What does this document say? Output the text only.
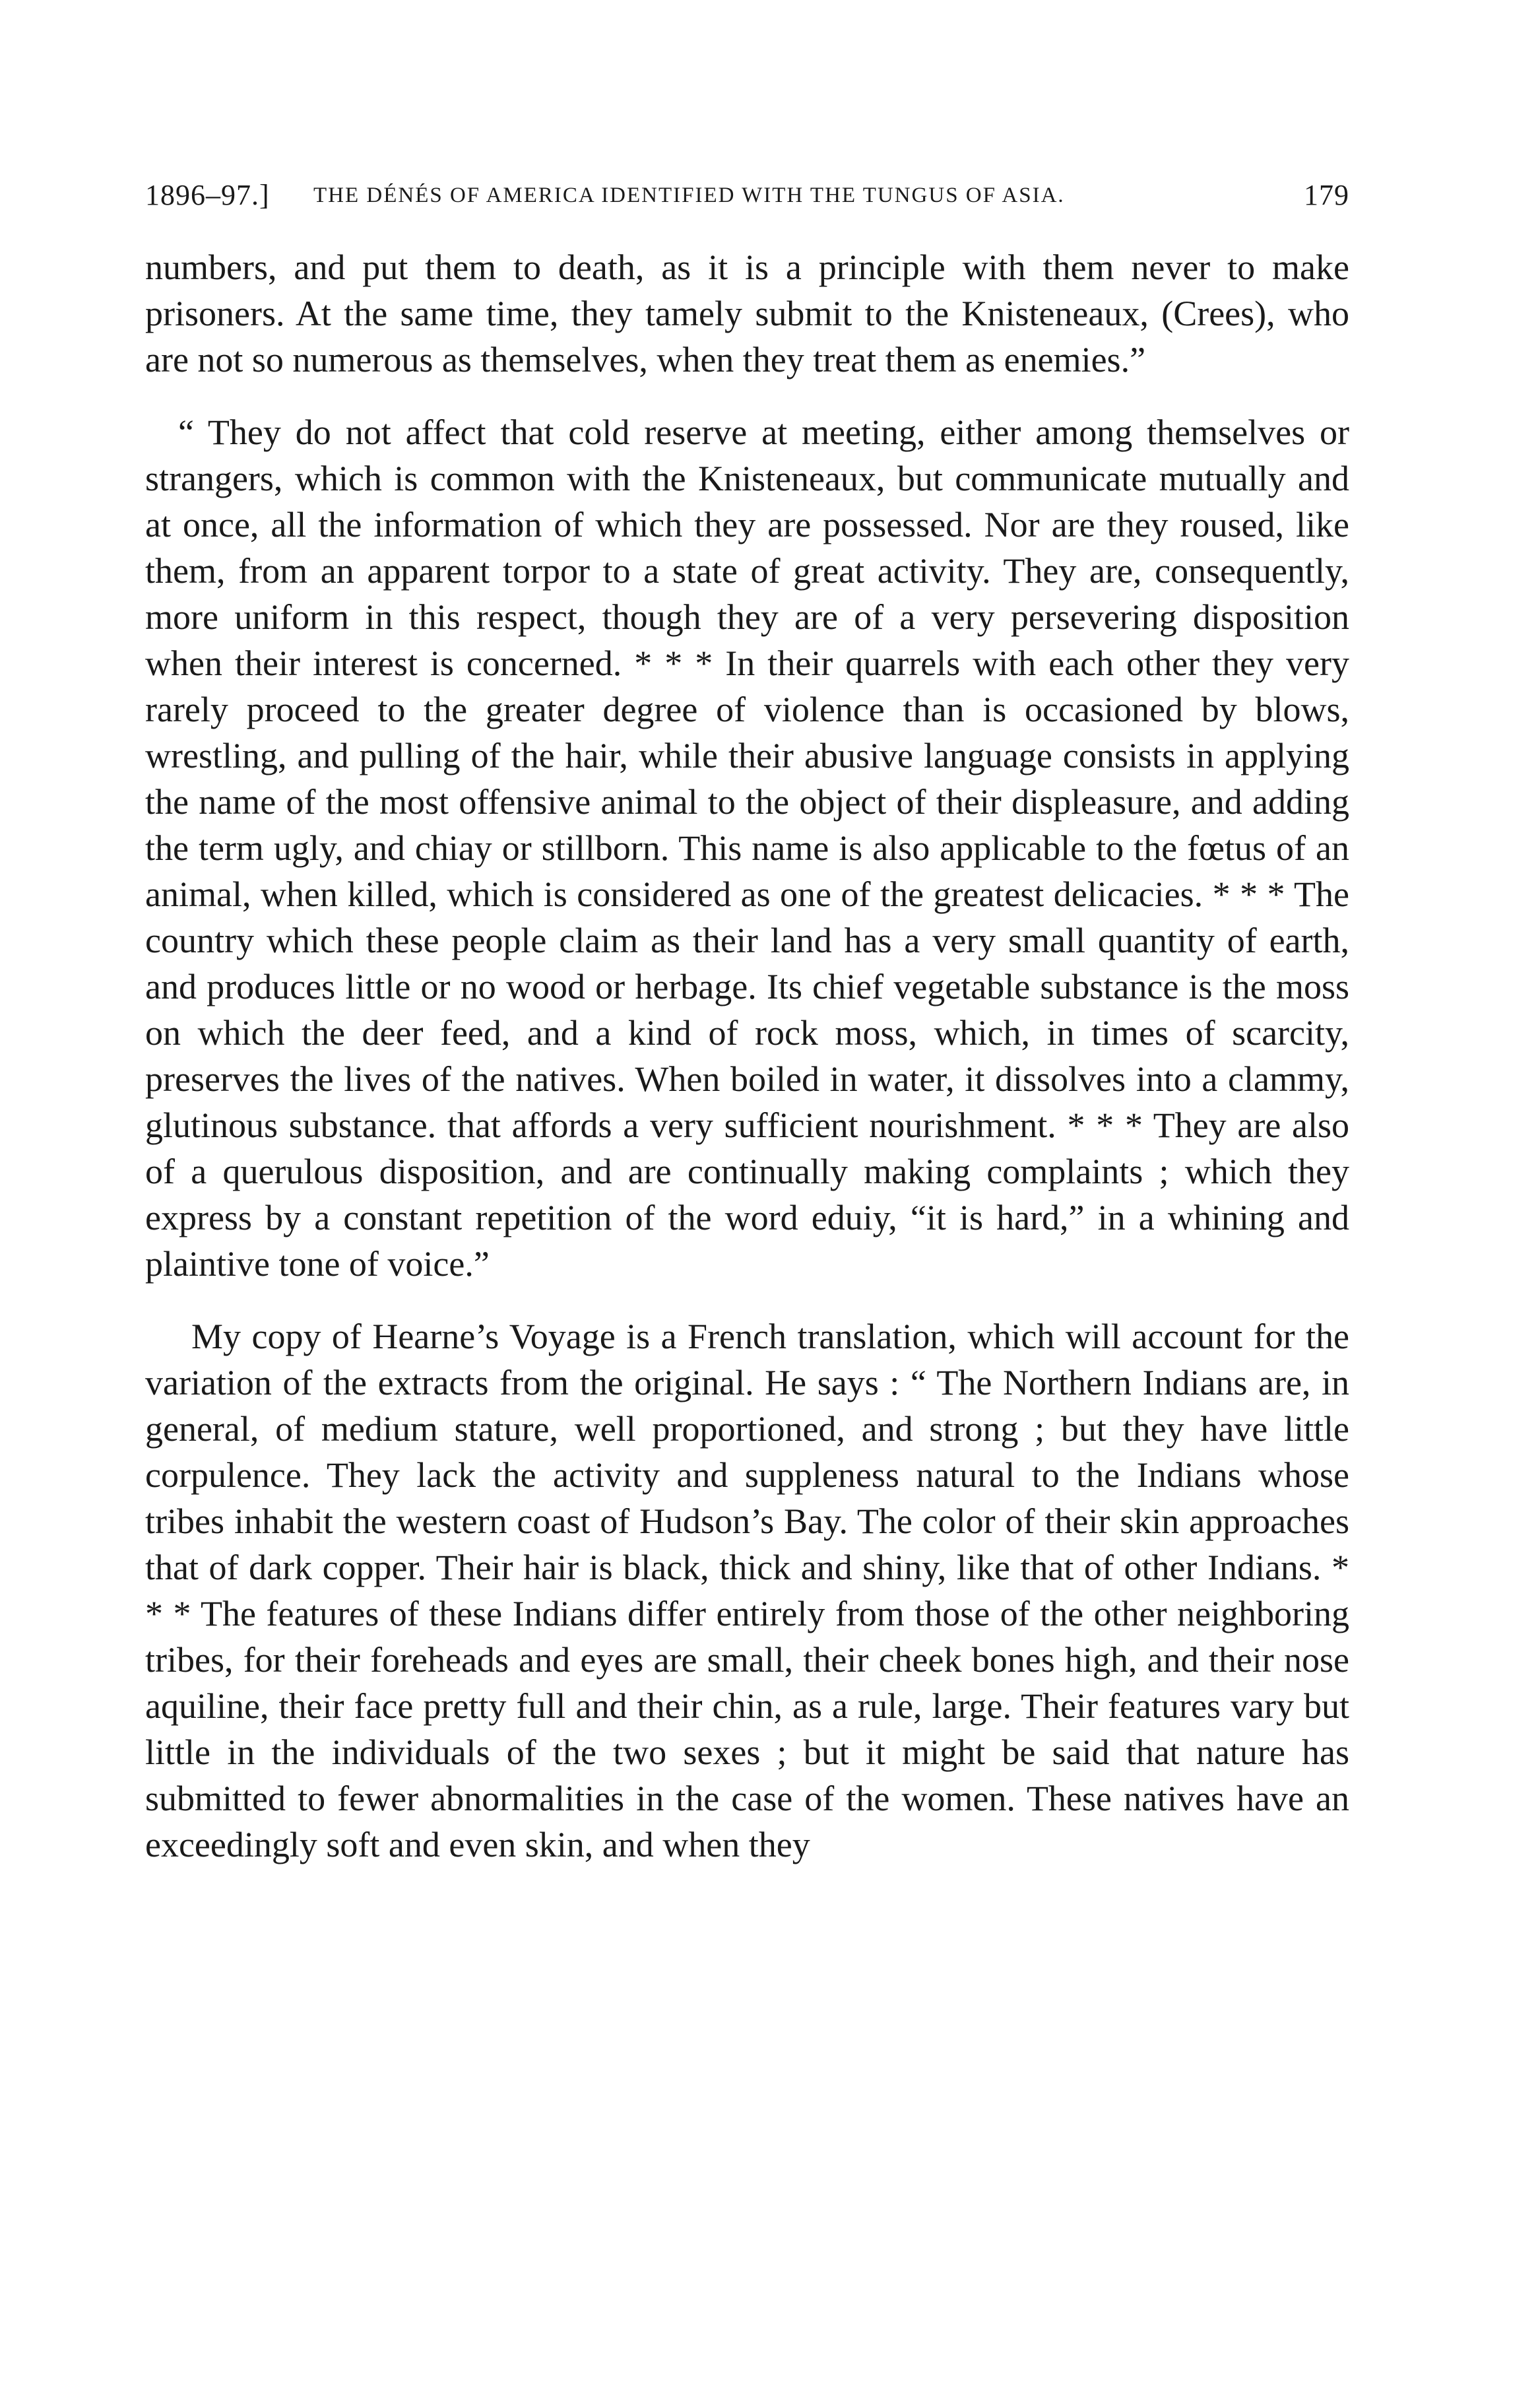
1896–97.] THE DÉNÉS OF AMERICA IDENTIFIED WITH THE TUNGUS OF ASIA.	179

numbers, and put them to death, as it is a principle with them never to make prisoners. At the same time, they tamely submit to the Knisteneaux, (Crees), who are not so numerous as themselves, when they treat them as enemies.”

“ They do not affect that cold reserve at meeting, either among themselves or strangers, which is common with the Knisteneaux, but communicate mutually and at once, all the information of which they are possessed. Nor are they roused, like them, from an apparent torpor to a state of great activity. They are, consequently, more uniform in this respect, though they are of a very persevering disposition when their interest is concerned. * * * In their quarrels with each other they very rarely proceed to the greater degree of violence than is occasioned by blows, wrestling, and pulling of the hair, while their abusive language consists in applying the name of the most offensive animal to the object of their displeasure, and adding the term ugly, and chiay or stillborn. This name is also applicable to the fœtus of an animal, when killed, which is considered as one of the greatest delicacies. * * * The country which these people claim as their land has a very small quantity of earth, and produces little or no wood or herbage. Its chief vegetable substance is the moss on which the deer feed, and a kind of rock moss, which, in times of scarcity, preserves the lives of the natives. When boiled in water, it dissolves into a clammy, glutinous substance. that affords a very sufficient nourishment. * * * They are also of a querulous disposition, and are continually making complaints ; which they express by a constant repetition of the word eduiy, “it is hard,” in a whining and plaintive tone of voice.”

My copy of Hearne’s Voyage is a French translation, which will account for the variation of the extracts from the original. He says : “ The Northern Indians are, in general, of medium stature, well proportioned, and strong ; but they have little corpulence. They lack the activity and suppleness natural to the Indians whose tribes inhabit the western coast of Hudson’s Bay. The color of their skin approaches that of dark copper. Their hair is black, thick and shiny, like that of other Indians. * * * The features of these Indians differ entirely from those of the other neighboring tribes, for their foreheads and eyes are small, their cheek bones high, and their nose aquiline, their face pretty full and their chin, as a rule, large. Their features vary but little in the individuals of the two sexes ; but it might be said that nature has submitted to fewer abnormalities in the case of the women. These natives have an exceedingly soft and even skin, and when they
